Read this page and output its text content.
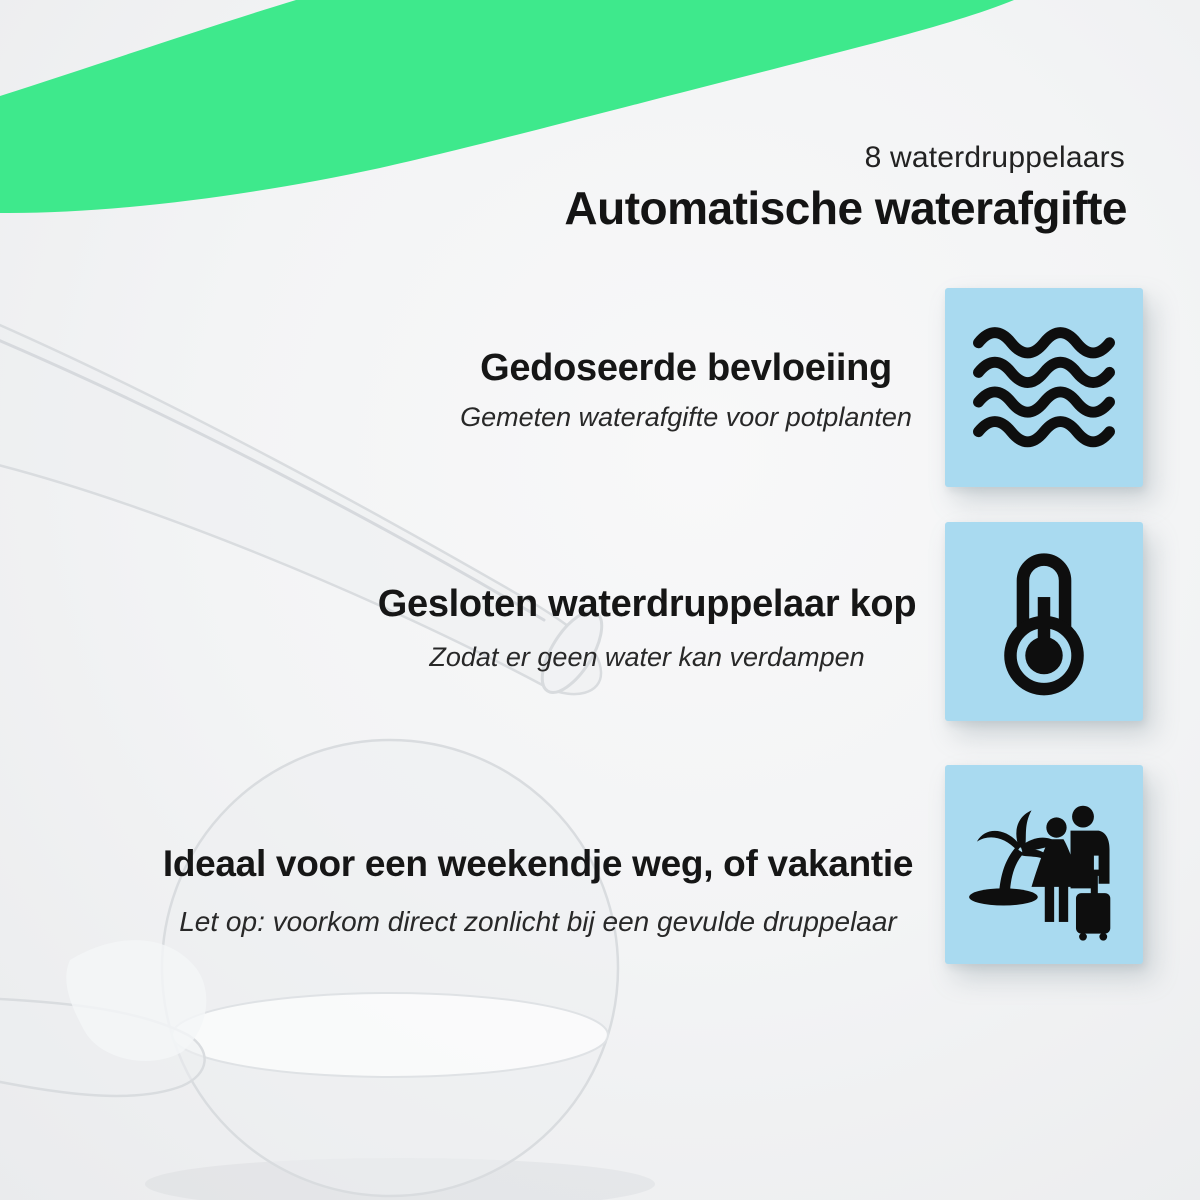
8 waterdruppelaars
Automatische waterafgifte
Gedoseerde bevloeiing
Gemeten waterafgifte voor potplanten
Gesloten waterdruppelaar kop
Zodat er geen water kan verdampen
Ideaal voor een weekendje weg, of vakantie
Let op: voorkom direct zonlicht bij een gevulde druppelaar
